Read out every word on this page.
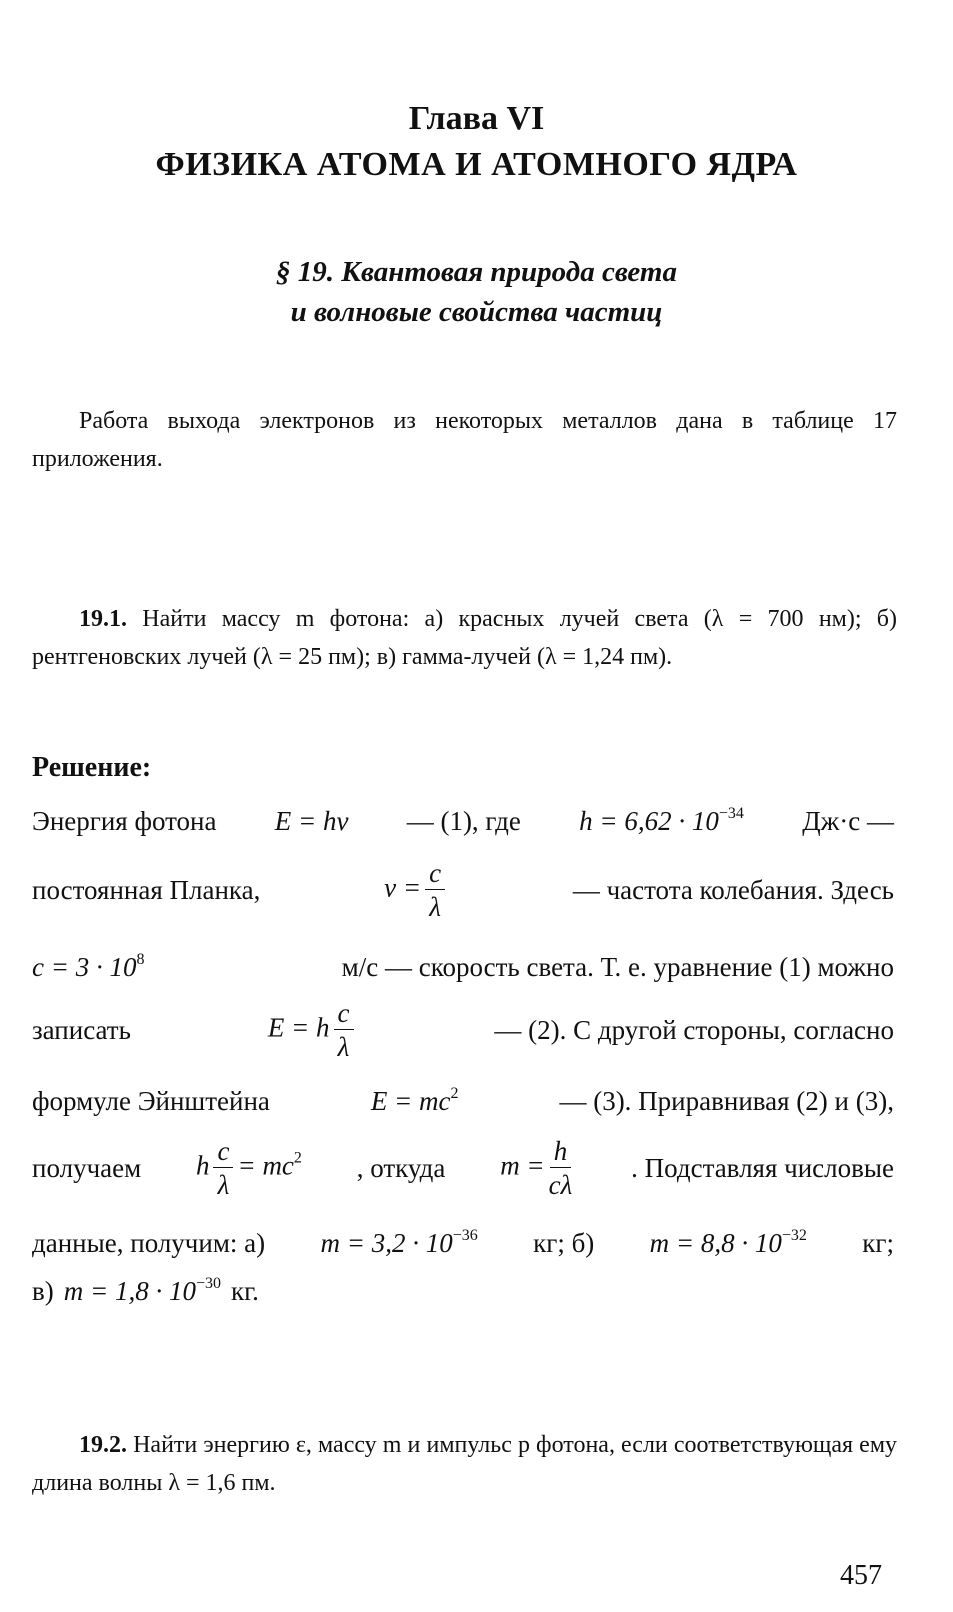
Глава VI
ФИЗИКА АТОМА И АТОМНОГО ЯДРА
§ 19. Квантовая природа света
и волновые свойства частиц
Работа выхода электронов из некоторых металлов дана в таблице 17 приложения.
19.1. Найти массу m фотона: а) красных лучей света (λ = 700 нм); б) рентгеновских лучей (λ = 25 пм); в) гамма-лучей (λ = 1,24 пм).
Решение:
Энергия фотона E = hν — (1), где $h = 6,62 \cdot 10^{-34}$ Дж·с —
постоянная Планка,	$\nu = \frac{c}{\lambda}$	— частота колебания. Здесь
$c = 3 \cdot 10^8$	м/с — скорость света. Т. е. уравнение (1) можно
записать	E = h $\frac{c}{\lambda}$	— (2). С другой стороны, согласно
формуле Эйнштейна	$E = mc^2$	— (3). Приравнивая (2) и (3),
получаем h $\frac{c}{\lambda} = mc^2$ , откуда $m = \frac{h}{c\lambda}$ . Подставляя числовые
данные, получим: а) $m = 3,2 \cdot 10^{-36}$ кг; б) $m = 8,8 \cdot 10^{-32}$ кг;
в) $m = 1,8 \cdot 10^{-30}$ кг.
19.2. Найти энергию ε, массу m и импульс p фотона, если соответствующая ему длина волны λ = 1,6 пм.
457
